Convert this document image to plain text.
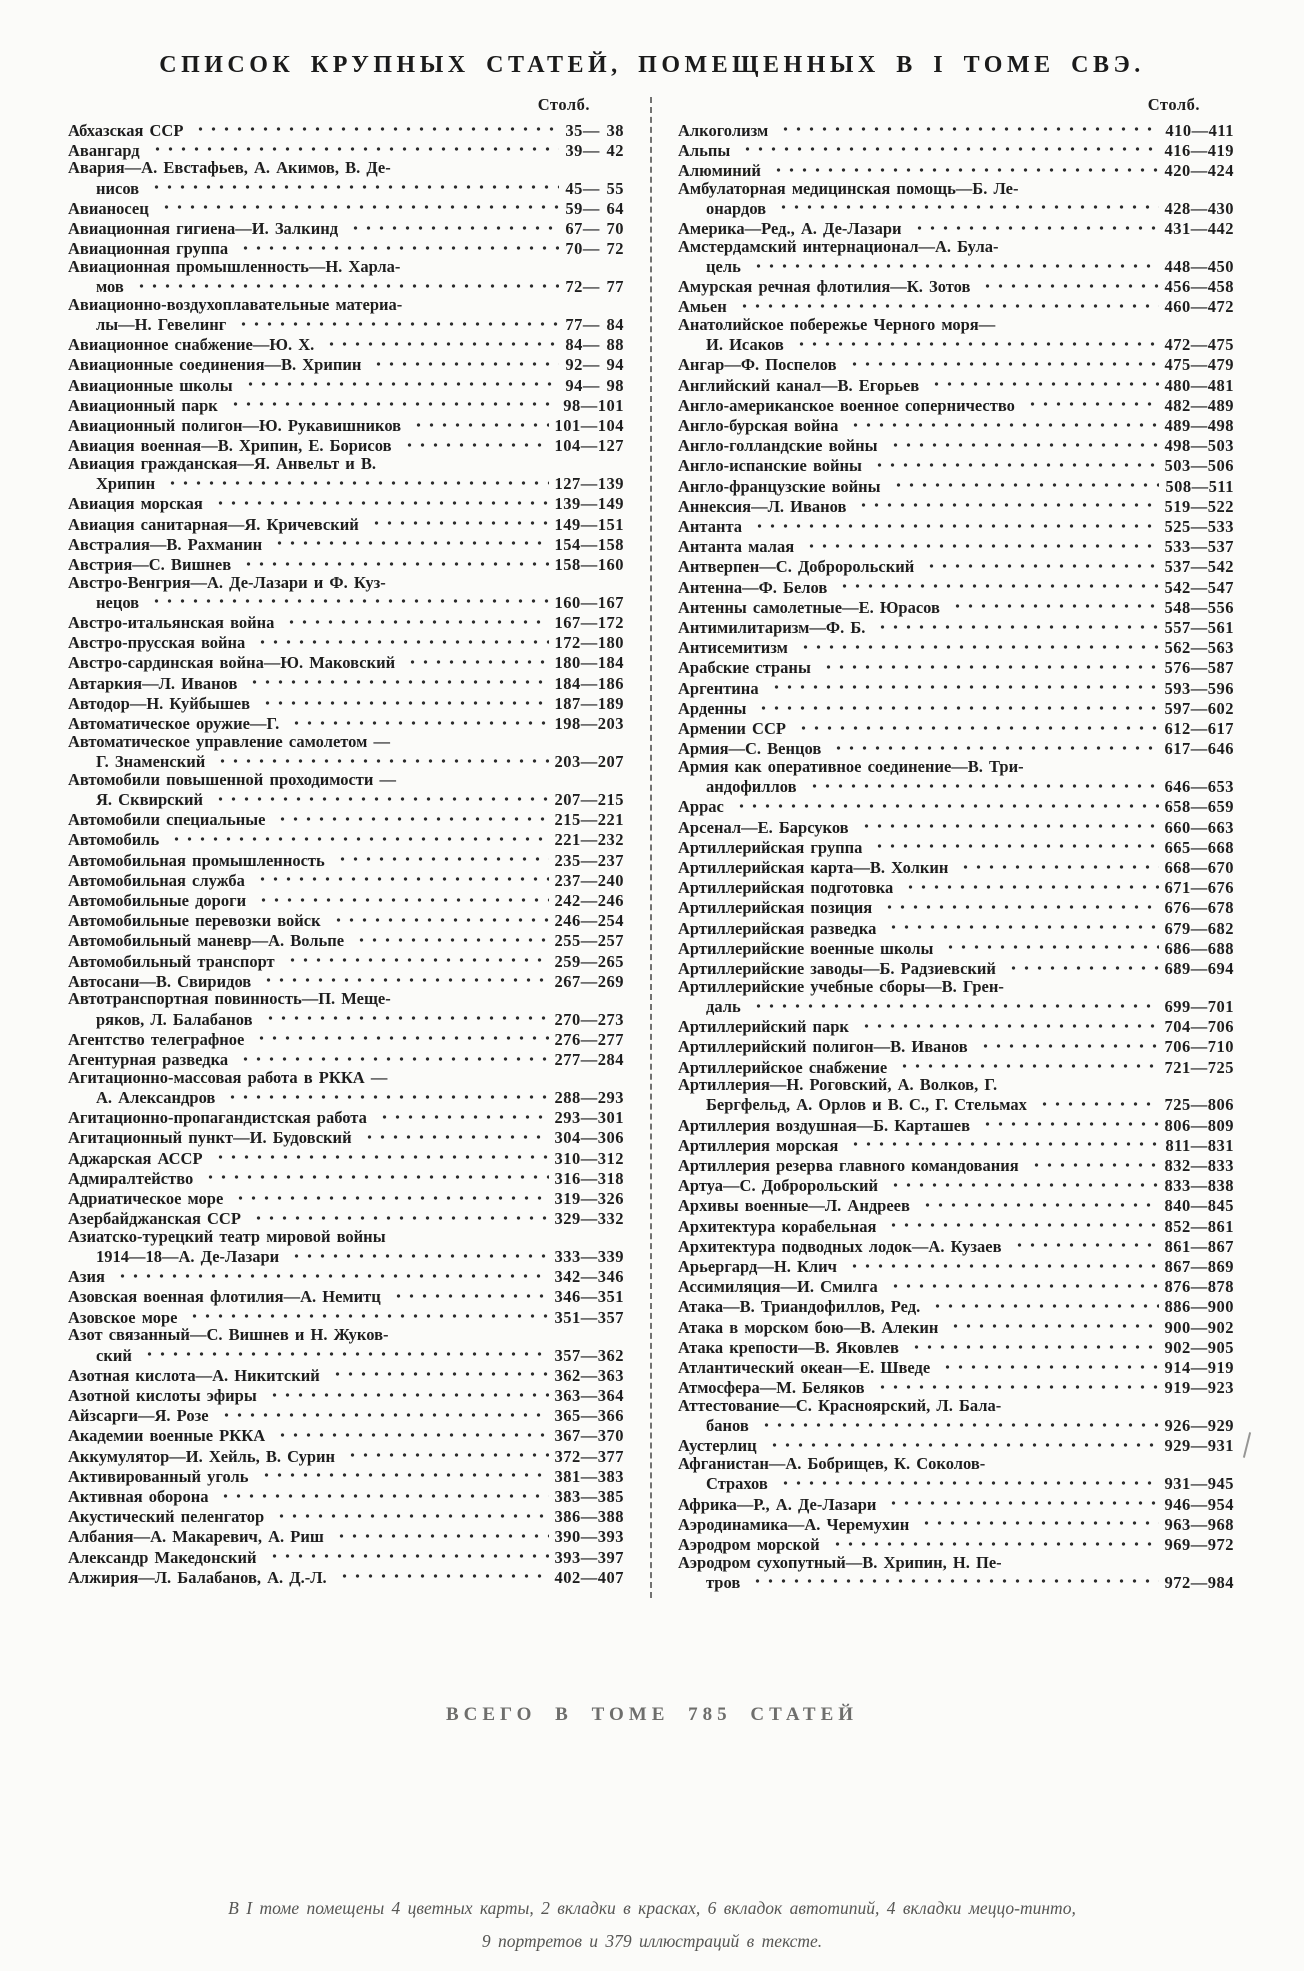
СПИСОК КРУПНЫХ СТАТЕЙ, ПОМЕЩЕННЫХ В I ТОМЕ СВЭ.
Столб.
Абхазская ССР	35— 38
Авангард	39— 42
Авария—А. Евстафьев, А. Акимов, В. Де-
нисов	45— 55
Авианосец	59— 64
Авиационная гигиена—И. Залкинд	67— 70
Авиационная группа	70— 72
Авиационная промышленность—Н. Харла-
мов	72— 77
Авиационно-воздухоплавательные материа-
лы—Н. Гевелинг	77— 84
Авиационное снабжение—Ю. Х.	84— 88
Авиационные соединения—В. Хрипин	92— 94
Авиационные школы	94— 98
Авиационный парк	98—101
Авиационный полигон—Ю. Рукавишников	101—104
Авиация военная—В. Хрипин, Е. Борисов	104—127
Авиация гражданская—Я. Анвельт и В.
Хрипин	127—139
Авиация морская	139—149
Авиация санитарная—Я. Кричевский	149—151
Австралия—В. Рахманин	154—158
Австрия—С. Вишнев	158—160
Австро-Венгрия—А. Де-Лазари и Ф. Куз-
нецов	160—167
Австро-итальянская война	167—172
Австро-прусская война	172—180
Австро-сардинская война—Ю. Маковский	180—184
Автаркия—Л. Иванов	184—186
Автодор—Н. Куйбышев	187—189
Автоматическое оружие—Г.	198—203
Автоматическое управление самолетом —
Г. Знаменский	203—207
Автомобили повышенной проходимости —
Я. Сквирский	207—215
Автомобили специальные	215—221
Автомобиль	221—232
Автомобильная промышленность	235—237
Автомобильная служба	237—240
Автомобильные дороги	242—246
Автомобильные перевозки войск	246—254
Автомобильный маневр—А. Вольпе	255—257
Автомобильный транспорт	259—265
Автосани—В. Свиридов	267—269
Автотранспортная повинность—П. Меще-
ряков, Л. Балабанов	270—273
Агентство телеграфное	276—277
Агентурная разведка	277—284
Агитационно-массовая работа в РККА —
А. Александров	288—293
Агитационно-пропагандистская работа	293—301
Агитационный пункт—И. Будовский	304—306
Аджарская АССР	310—312
Адмиралтейство	316—318
Адриатическое море	319—326
Азербайджанская ССР	329—332
Азиатско-турецкий театр мировой войны
1914—18—А. Де-Лазари	333—339
Азия	342—346
Азовская военная флотилия—А. Немитц	346—351
Азовское море	351—357
Азот связанный—С. Вишнев и Н. Жуков-
ский	357—362
Азотная кислота—А. Никитский	362—363
Азотной кислоты эфиры	363—364
Айзсарги—Я. Розе	365—366
Академии военные РККА	367—370
Аккумулятор—И. Хейль, В. Сурин	372—377
Активированный уголь	381—383
Активная оборона	383—385
Акустический пеленгатор	386—388
Албания—А. Макаревич, А. Риш	390—393
Александр Македонский	393—397
Алжирия—Л. Балабанов, А. Д.-Л.	402—407
Столб.
Алкоголизм	410—411
Альпы	416—419
Алюминий	420—424
Амбулаторная медицинская помощь—Б. Ле-
онардов	428—430
Америка—Ред., А. Де-Лазари	431—442
Амстердамский интернационал—А. Була-
цель	448—450
Амурская речная флотилия—К. Зотов	456—458
Амьен	460—472
Анатолийское побережье Черного моря—
И. Исаков	472—475
Ангар—Ф. Поспелов	475—479
Английский канал—В. Егорьев	480—481
Англо-американское военное соперничество	482—489
Англо-бурская война	489—498
Англо-голландские войны	498—503
Англо-испанские войны	503—506
Англо-французские войны	508—511
Аннексия—Л. Иванов	519—522
Антанта	525—533
Антанта малая	533—537
Антверпен—С. Добророльский	537—542
Антенна—Ф. Белов	542—547
Антенны самолетные—Е. Юрасов	548—556
Антимилитаризм—Ф. Б.	557—561
Антисемитизм	562—563
Арабские страны	576—587
Аргентина	593—596
Арденны	597—602
Армении ССР	612—617
Армия—С. Венцов	617—646
Армия как оперативное соединение—В. Три-
андофиллов	646—653
Аррас	658—659
Арсенал—Е. Барсуков	660—663
Артиллерийская группа	665—668
Артиллерийская карта—В. Холкин	668—670
Артиллерийская подготовка	671—676
Артиллерийская позиция	676—678
Артиллерийская разведка	679—682
Артиллерийские военные школы	686—688
Артиллерийские заводы—Б. Радзиевский	689—694
Артиллерийские учебные сборы—В. Грен-
даль	699—701
Артиллерийский парк	704—706
Артиллерийский полигон—В. Иванов	706—710
Артиллерийское снабжение	721—725
Артиллерия—Н. Роговский, А. Волков, Г.
Бергфельд, А. Орлов и В. С., Г. Стельмах	725—806
Артиллерия воздушная—Б. Карташев	806—809
Артиллерия морская	811—831
Артиллерия резерва главного командования	832—833
Артуа—С. Добророльский	833—838
Архивы военные—Л. Андреев	840—845
Архитектура корабельная	852—861
Архитектура подводных лодок—А. Кузаев	861—867
Арьергард—Н. Клич	867—869
Ассимиляция—И. Смилга	876—878
Атака—В. Триандофиллов, Ред.	886—900
Атака в морском бою—В. Алекин	900—902
Атака крепости—В. Яковлев	902—905
Атлантический океан—Е. Шведе	914—919
Атмосфера—М. Беляков	919—923
Аттестование—С. Красноярский, Л. Бала-
банов	926—929
Аустерлиц	929—931
Афганистан—А. Бобрищев, К. Соколов-
Страхов	931—945
Африка—Р., А. Де-Лазари	946—954
Аэродинамика—А. Черемухин	963—968
Аэродром морской	969—972
Аэродром сухопутный—В. Хрипин, Н. Пе-
тров	972—984
ВСЕГО В ТОМЕ 785 СТАТЕЙ
В I томе помещены 4 цветных карты, 2 вкладки в красках, 6 вкладок автотипий, 4 вкладки меццо-тинто,
9 портретов и 379 иллюстраций в тексте.
